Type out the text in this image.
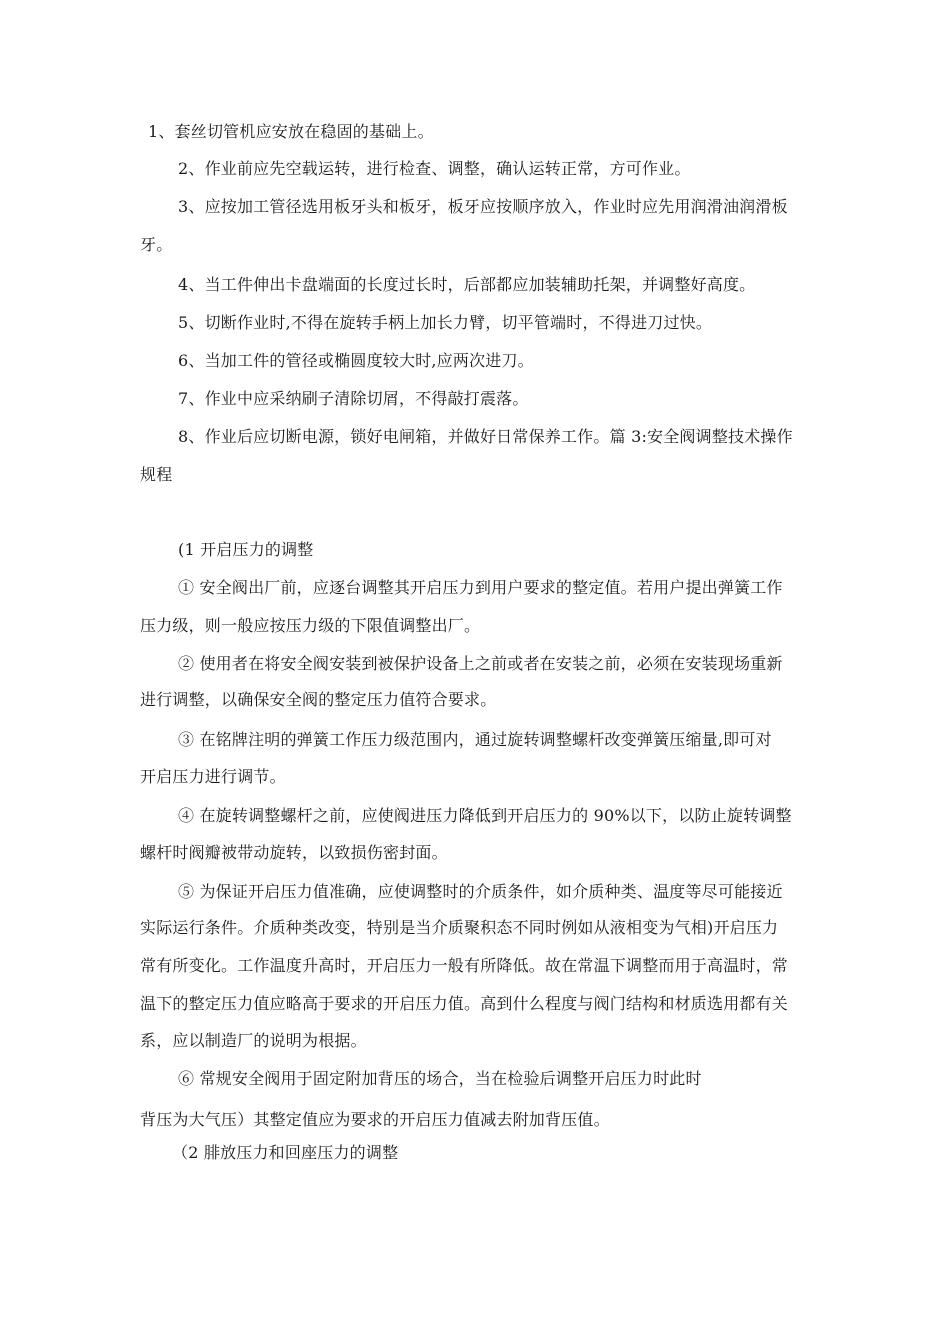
1、套丝切管机应安放在稳固的基础上。
2、作业前应先空载运转，进行检查、调整，确认运转正常，方可作业。
3、应按加工管径选用板牙头和板牙，板牙应按顺序放入，作业时应先用润滑油润滑板
牙。
4、当工件伸出卡盘端面的长度过长时，后部都应加装辅助托架，并调整好高度。
5、切断作业时,不得在旋转手柄上加长力臂，切平管端时，不得进刀过快。
6、当加工件的管径或椭圆度较大时,应两次进刀。
7、作业中应采纳刷子清除切屑，不得敲打震落。
8、作业后应切断电源，锁好电闸箱，并做好日常保养工作。篇 3:安全阀调整技术操作
规程
(1 开启压力的调整
① 安全阀出厂前，应逐台调整其开启压力到用户要求的整定值。若用户提出弹簧工作
压力级，则一般应按压力级的下限值调整出厂。
② 使用者在将安全阀安装到被保护设备上之前或者在安装之前，必须在安装现场重新
进行调整，以确保安全阀的整定压力值符合要求。
③ 在铭牌注明的弹簧工作压力级范围内，通过旋转调整螺杆改变弹簧压缩量,即可对
开启压力进行调节。
④ 在旋转调整螺杆之前，应使阀进压力降低到开启压力的 90%以下，以防止旋转调整
螺杆时阀瓣被带动旋转，以致损伤密封面。
⑤ 为保证开启压力值准确，应使调整时的介质条件，如介质种类、温度等尽可能接近
实际运行条件。介质种类改变，特别是当介质聚积态不同时例如从液相变为气相)开启压力
常有所变化。工作温度升高时，开启压力一般有所降低。故在常温下调整而用于高温时，常
温下的整定压力值应略高于要求的开启压力值。高到什么程度与阀门结构和材质选用都有关
系，应以制造厂的说明为根据。
⑥ 常规安全阀用于固定附加背压的场合，当在检验后调整开启压力时此时
背压为大气压）其整定值应为要求的开启压力值减去附加背压值。
（2 腓放压力和回座压力的调整
